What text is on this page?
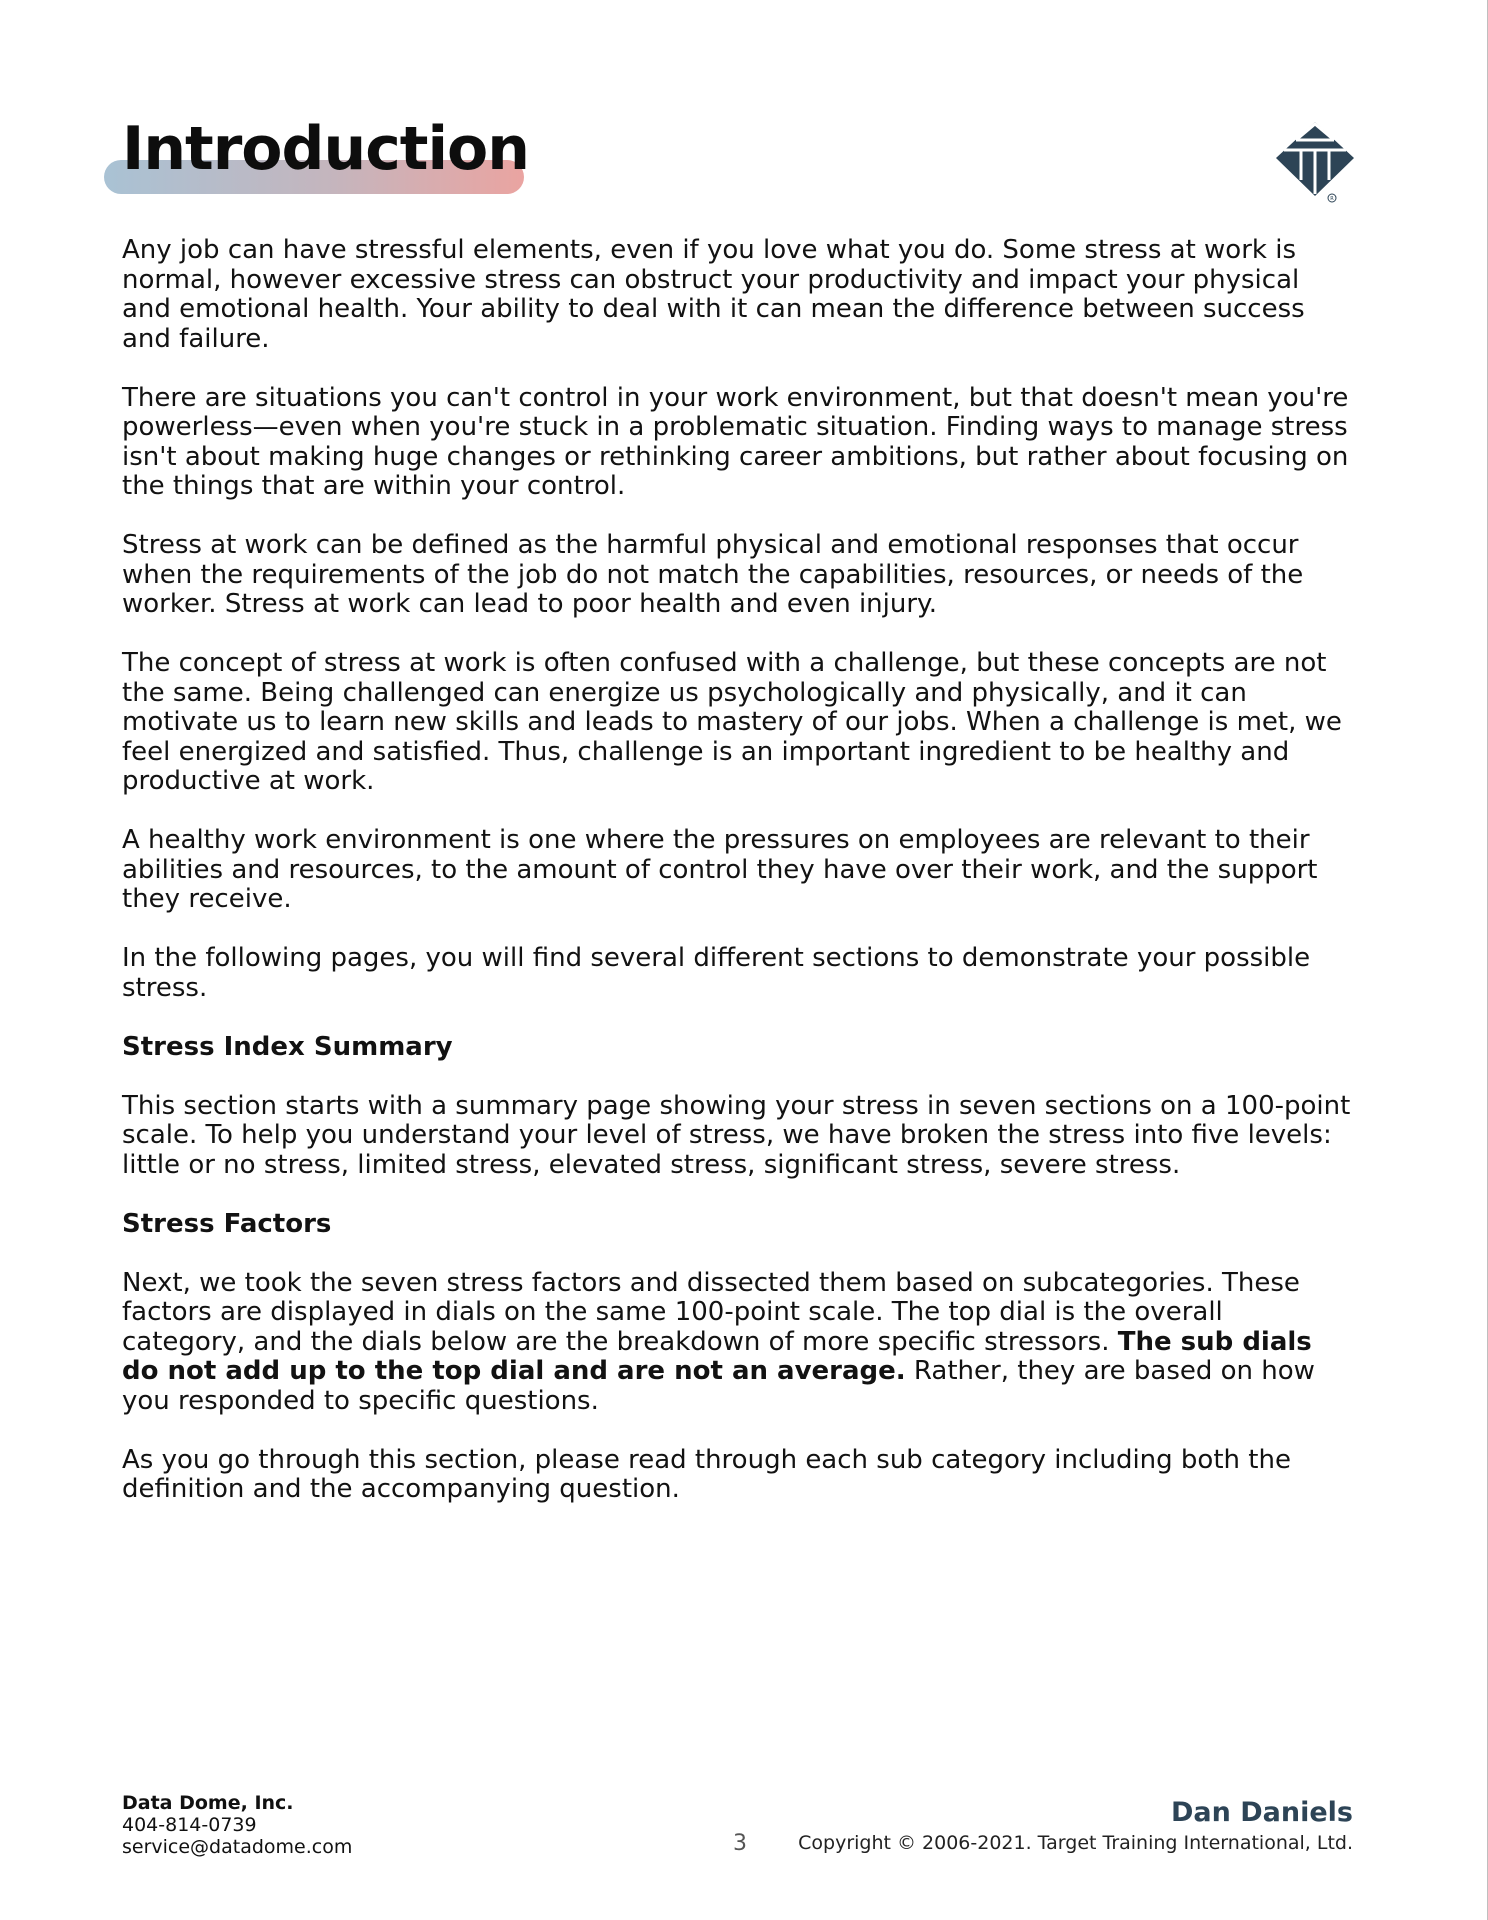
Introduction
R

Any job can have stressful elements, even if you love what you do. Some stress at work is normal, however excessive stress can obstruct your productivity and impact your physical and emotional health. Your ability to deal with it can mean the difference between success and failure.

There are situations you can't control in your work environment, but that doesn't mean you're powerless—even when you're stuck in a problematic situation. Finding ways to manage stress isn't about making huge changes or rethinking career ambitions, but rather about focusing on the things that are within your control.

Stress at work can be defined as the harmful physical and emotional responses that occur when the requirements of the job do not match the capabilities, resources, or needs of the worker. Stress at work can lead to poor health and even injury.

The concept of stress at work is often confused with a challenge, but these concepts are not the same. Being challenged can energize us psychologically and physically, and it can motivate us to learn new skills and leads to mastery of our jobs. When a challenge is met, we feel energized and satisfied. Thus, challenge is an important ingredient to be healthy and productive at work.

A healthy work environment is one where the pressures on employees are relevant to their abilities and resources, to the amount of control they have over their work, and the support they receive.

In the following pages, you will find several different sections to demonstrate your possible stress.

Stress Index Summary

This section starts with a summary page showing your stress in seven sections on a 100-point scale. To help you understand your level of stress, we have broken the stress into five levels: little or no stress, limited stress, elevated stress, significant stress, severe stress.

Stress Factors

Next, we took the seven stress factors and dissected them based on subcategories. These factors are displayed in dials on the same 100-point scale. The top dial is the overall category, and the dials below are the breakdown of more specific stressors. The sub dials do not add up to the top dial and are not an average. Rather, they are based on how you responded to specific questions.

As you go through this section, please read through each sub category including both the definition and the accompanying question.

Data Dome, Inc.
404-814-0739
service@datadome.com	3
Dan Daniels
Copyright © 2006-2021. Target Training International, Ltd.
